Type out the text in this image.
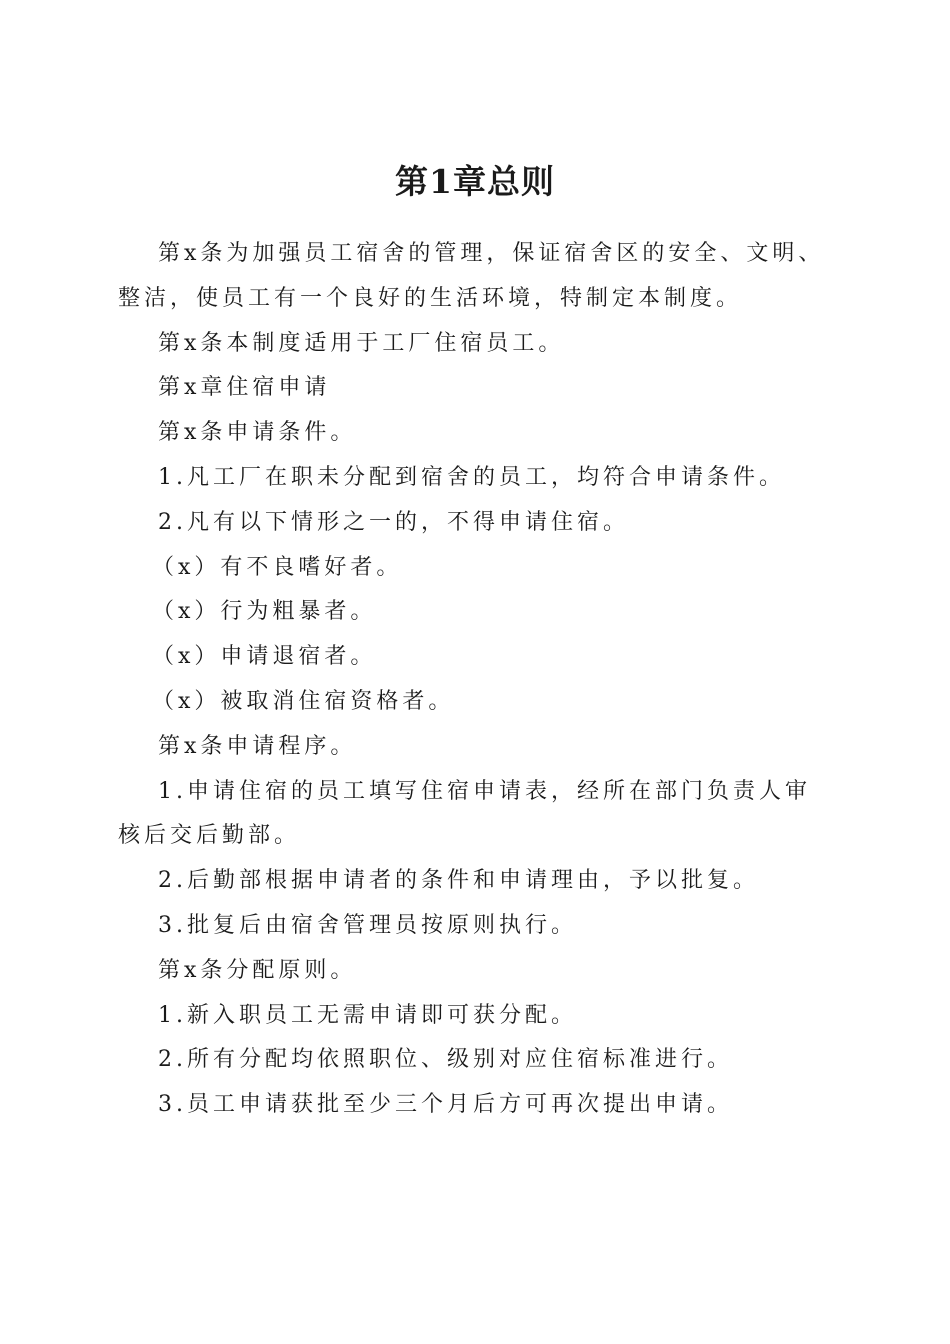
第1章总则

第x条为加强员工宿舍的管理，保证宿舍区的安全、文明、整洁，使员工有一个良好的生活环境，特制定本制度。

第x条本制度适用于工厂住宿员工。

第x章住宿申请

第x条申请条件。

1.凡工厂在职未分配到宿舍的员工，均符合申请条件。

2.凡有以下情形之一的，不得申请住宿。

（x）有不良嗜好者。

（x）行为粗暴者。

（x）申请退宿者。

（x）被取消住宿资格者。

第x条申请程序。

1.申请住宿的员工填写住宿申请表，经所在部门负责人审核后交后勤部。

2.后勤部根据申请者的条件和申请理由，予以批复。

3.批复后由宿舍管理员按原则执行。

第x条分配原则。

1.新入职员工无需申请即可获分配。

2.所有分配均依照职位、级别对应住宿标准进行。

3.员工申请获批至少三个月后方可再次提出申请。
